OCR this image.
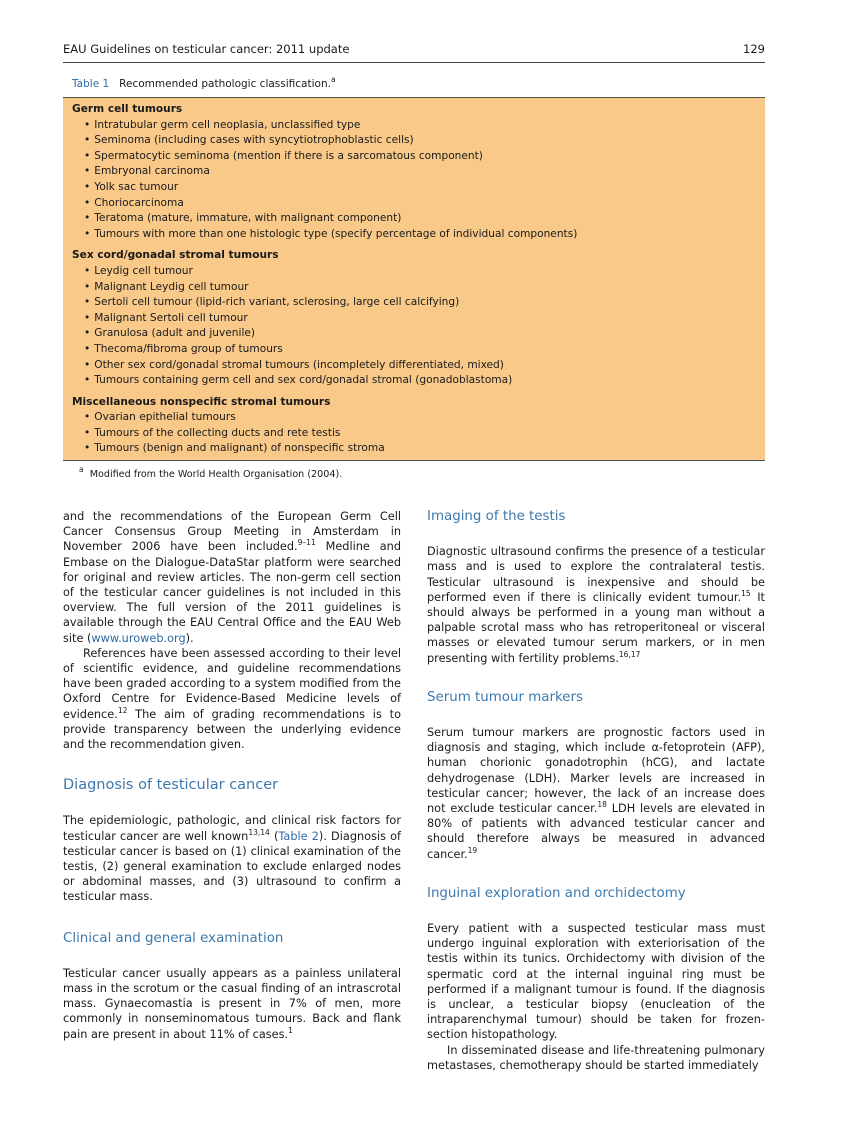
EAU Guidelines on testicular cancer: 2011 update	129
Table 1 Recommended pathologic classification.$^a$
Germ cell tumours
• Intratubular germ cell neoplasia, unclassified type
• Seminoma (including cases with syncytiotrophoblastic cells)
• Spermatocytic seminoma (mention if there is a sarcomatous component)
• Embryonal carcinoma
• Yolk sac tumour
• Choriocarcinoma
• Teratoma (mature, immature, with malignant component)
• Tumours with more than one histologic type (specify percentage of individual components)
Sex cord/gonadal stromal tumours
• Leydig cell tumour
• Malignant Leydig cell tumour
• Sertoli cell tumour (lipid-rich variant, sclerosing, large cell calcifying)
• Malignant Sertoli cell tumour
• Granulosa (adult and juvenile)
• Thecoma/fibroma group of tumours
• Other sex cord/gonadal stromal tumours (incompletely differentiated, mixed)
• Tumours containing germ cell and sex cord/gonadal stromal (gonadoblastoma)
Miscellaneous nonspecific stromal tumours
• Ovarian epithelial tumours
• Tumours of the collecting ducts and rete testis
• Tumours (benign and malignant) of nonspecific stroma
$^a$ Modified from the World Health Organisation (2004).

and the recommendations of the European Germ Cell Cancer Consensus Group Meeting in Amsterdam in November 2006 have been included.$^{9-11}$ Medline and Embase on the Dialogue-DataStar platform were searched for original and review articles. The non-germ cell section of the testicular cancer guidelines is not included in this overview. The full version of the 2011 guidelines is available through the EAU Central Office and the EAU Web site (www.uroweb.org).

References have been assessed according to their level of scientific evidence, and guideline recommendations have been graded according to a system modified from the Oxford Centre for Evidence-Based Medicine levels of evidence.$^{12}$ The aim of grading recommendations is to provide transparency between the underlying evidence and the recommendation given.

Diagnosis of testicular cancer

The epidemiologic, pathologic, and clinical risk factors for testicular cancer are well known$^{13,14}$ (Table 2). Diagnosis of testicular cancer is based on (1) clinical examination of the testis, (2) general examination to exclude enlarged nodes or abdominal masses, and (3) ultrasound to confirm a testicular mass.

Clinical and general examination

Testicular cancer usually appears as a painless unilateral mass in the scrotum or the casual finding of an intrascrotal mass. Gynaecomastia is present in 7% of men, more commonly in nonseminomatous tumours. Back and flank pain are present in about 11% of cases.$^1$

Imaging of the testis

Diagnostic ultrasound confirms the presence of a testicular mass and is used to explore the contralateral testis. Testicular ultrasound is inexpensive and should be performed even if there is clinically evident tumour.$^{15}$ It should always be performed in a young man without a palpable scrotal mass who has retroperitoneal or visceral masses or elevated tumour serum markers, or in men presenting with fertility problems.$^{16,17}$

Serum tumour markers

Serum tumour markers are prognostic factors used in diagnosis and staging, which include α-fetoprotein (AFP), human chorionic gonadotrophin (hCG), and lactate dehydrogenase (LDH). Marker levels are increased in testicular cancer; however, the lack of an increase does not exclude testicular cancer.$^{18}$ LDH levels are elevated in 80% of patients with advanced testicular cancer and should therefore always be measured in advanced cancer.$^{19}$

Inguinal exploration and orchidectomy

Every patient with a suspected testicular mass must undergo inguinal exploration with exteriorisation of the testis within its tunics. Orchidectomy with division of the spermatic cord at the internal inguinal ring must be performed if a malignant tumour is found. If the diagnosis is unclear, a testicular biopsy (enucleation of the intraparenchymal tumour) should be taken for frozen-section histopathology.

In disseminated disease and life-threatening pulmonary metastases, chemotherapy should be started immediately
